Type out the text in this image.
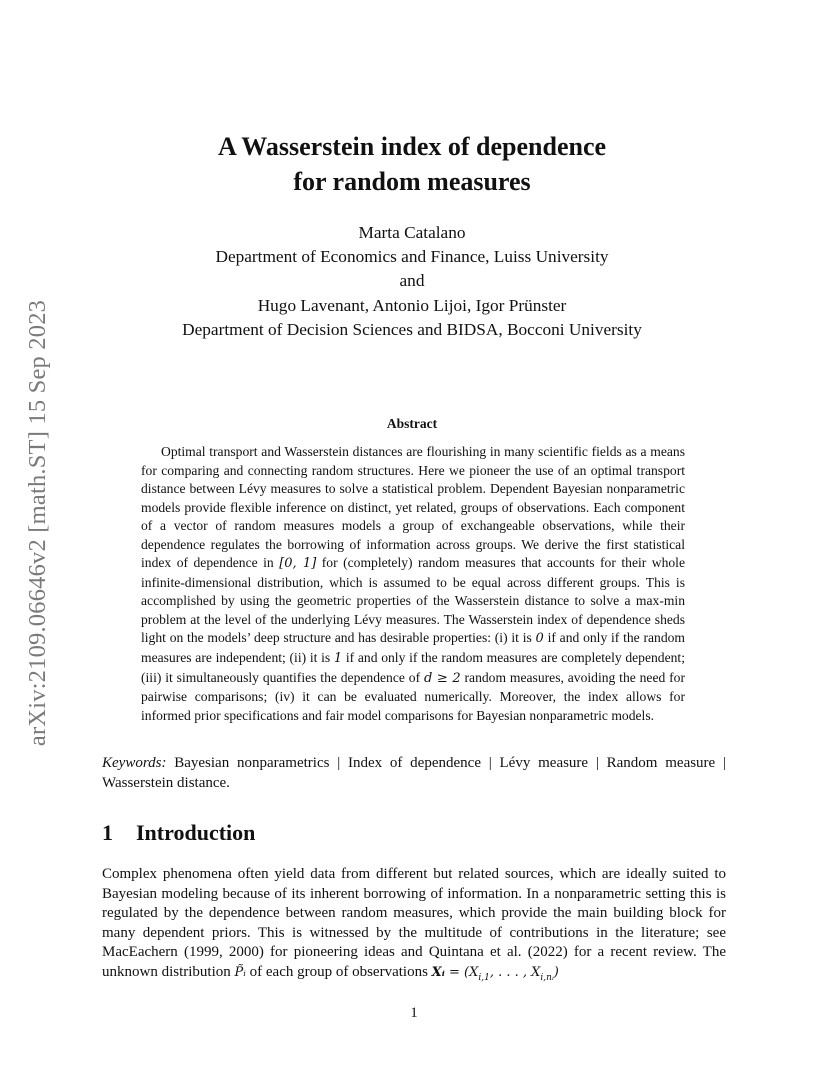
arXiv:2109.06646v2 [math.ST] 15 Sep 2023
A Wasserstein index of dependence
for random measures
Marta Catalano
Department of Economics and Finance, Luiss University
and
Hugo Lavenant, Antonio Lijoi, Igor Prünster
Department of Decision Sciences and BIDSA, Bocconi University
Abstract

Optimal transport and Wasserstein distances are flourishing in many scientific fields as a means for comparing and connecting random structures. Here we pioneer the use of an optimal transport distance between Lévy measures to solve a statistical problem. Dependent Bayesian nonparametric models provide flexible inference on distinct, yet related, groups of observations. Each component of a vector of random measures models a group of exchangeable observations, while their dependence regulates the borrowing of information across groups. We derive the first statistical index of dependence in [0, 1] for (completely) random measures that accounts for their whole infinite-dimensional distribution, which is assumed to be equal across different groups. This is accomplished by using the geometric properties of the Wasserstein distance to solve a max-min problem at the level of the underlying Lévy measures. The Wasserstein index of dependence sheds light on the models’ deep structure and has desirable properties: (i) it is 0 if and only if the random measures are independent; (ii) it is 1 if and only if the random measures are completely dependent; (iii) it simultaneously quantifies the dependence of d ≥ 2 random measures, avoiding the need for pairwise comparisons; (iv) it can be evaluated numerically. Moreover, the index allows for informed prior specifications and fair model comparisons for Bayesian nonparametric models.

Keywords: Bayesian nonparametrics | Index of dependence | Lévy measure | Random measure | Wasserstein distance.

1 Introduction

Complex phenomena often yield data from different but related sources, which are ideally suited to Bayesian modeling because of its inherent borrowing of information. In a nonparametric setting this is regulated by the dependence between random measures, which provide the main building block for many dependent priors. This is witnessed by the multitude of contributions in the literature; see MacEachern (1999, 2000) for pioneering ideas and Quintana et al. (2022) for a recent review. The unknown distribution P̃ᵢ of each group of observations Xᵢ = ($X_{i,1}$, . . . , $X_{i,nᵢ}$)

1
